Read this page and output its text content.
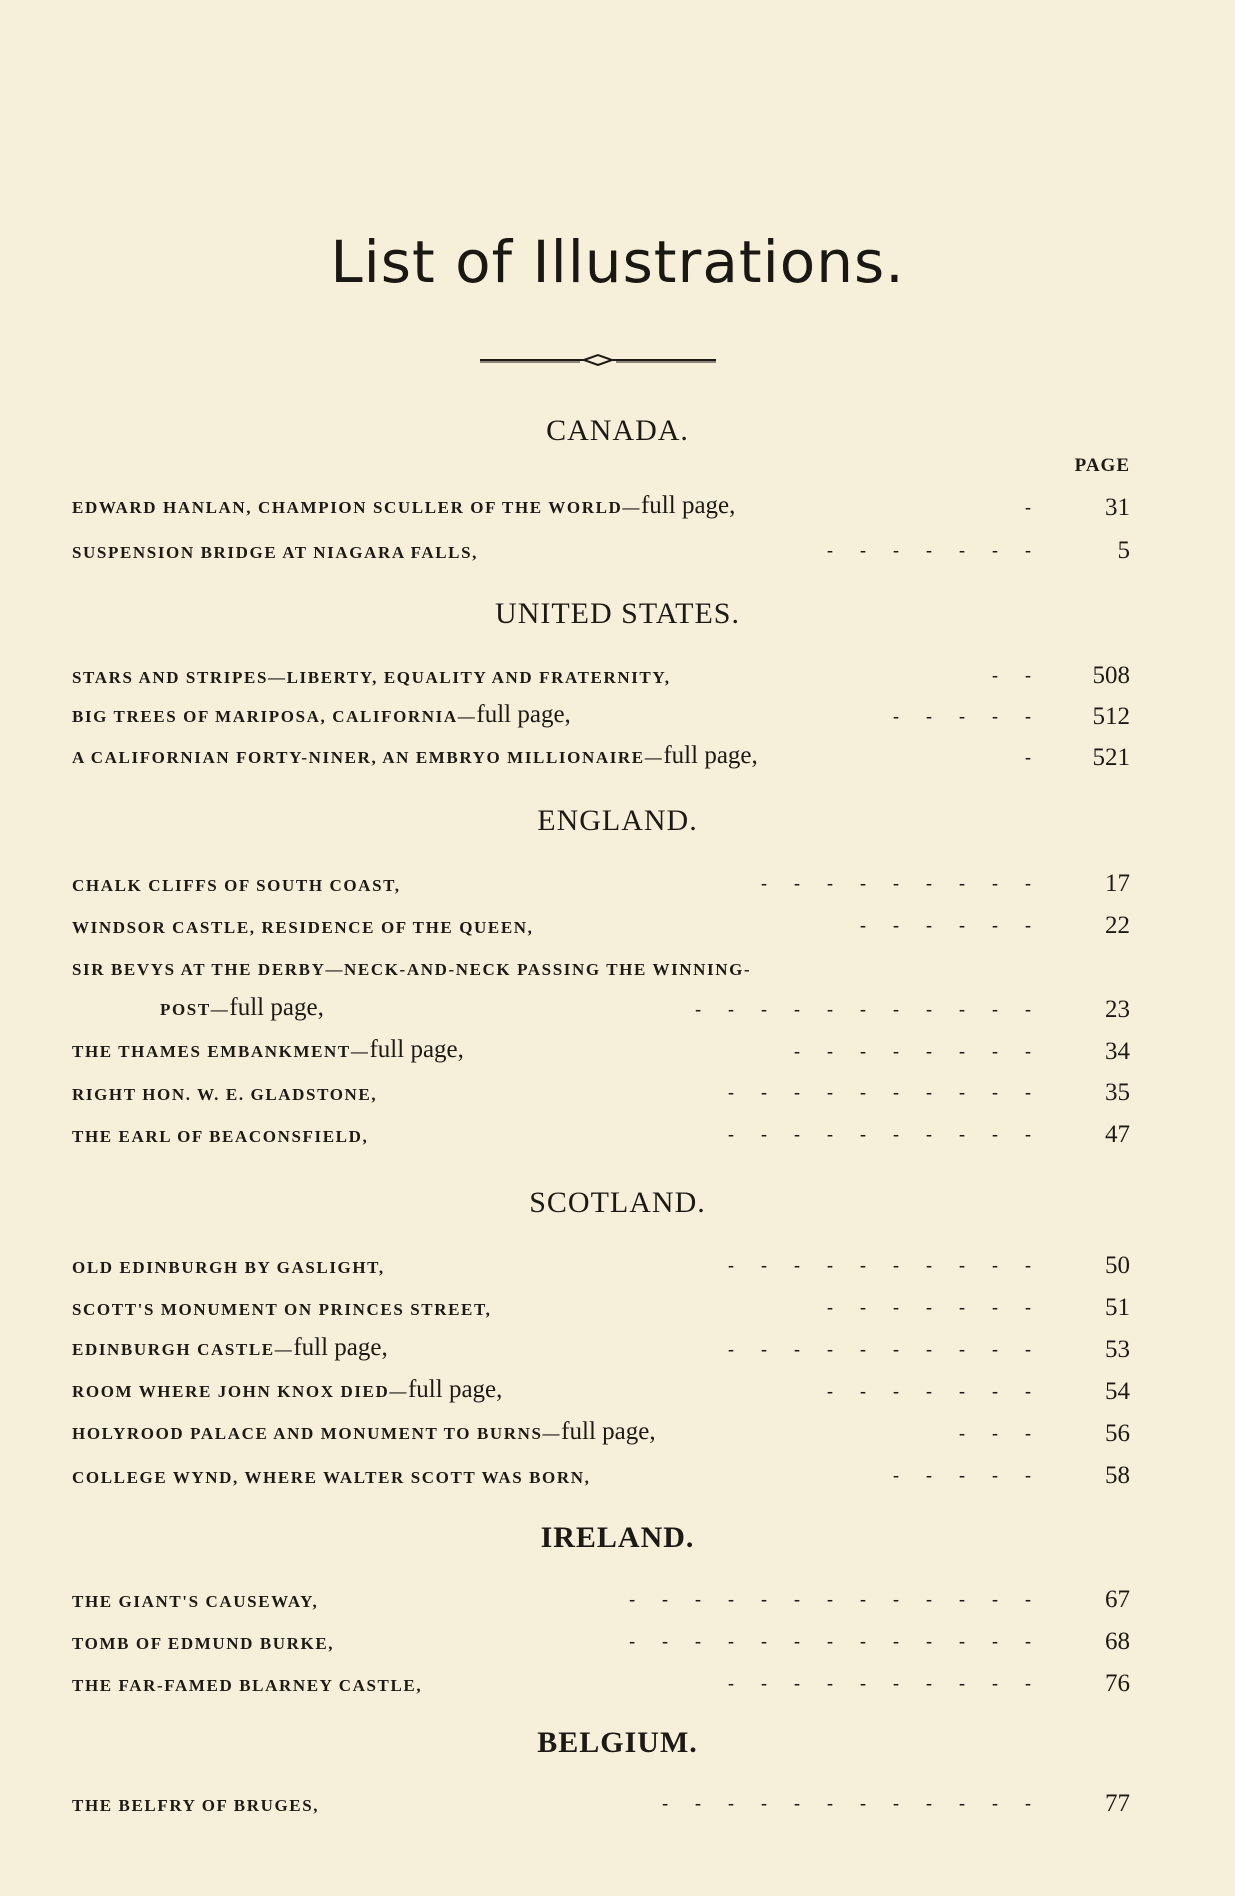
List of Illustrations.
CANADA.
PAGE
EDWARD HANLAN, CHAMPION SCULLER OF THE WORLD—full page,	-	31
SUSPENSION BRIDGE AT NIAGARA FALLS,	-------	5
UNITED STATES.
STARS AND STRIPES—LIBERTY, EQUALITY AND FRATERNITY,	--	508
BIG TREES OF MARIPOSA, CALIFORNIA—full page,	-----	512
A CALIFORNIAN FORTY-NINER, AN EMBRYO MILLIONAIRE—full page,	-	521
ENGLAND.
CHALK CLIFFS OF SOUTH COAST,	---------	17
WINDSOR CASTLE, RESIDENCE OF THE QUEEN,	------	22
SIR BEVYS AT THE DERBY—NECK-AND-NECK PASSING THE WINNING-
POST—full page,	-----------	23
THE THAMES EMBANKMENT—full page,	--------	34
RIGHT HON. W. E. GLADSTONE,	----------	35
THE EARL OF BEACONSFIELD,	----------	47
SCOTLAND.
OLD EDINBURGH BY GASLIGHT,	----------	50
SCOTT'S MONUMENT ON PRINCES STREET,	-------	51
EDINBURGH CASTLE—full page,	----------	53
ROOM WHERE JOHN KNOX DIED—full page,	-------	54
HOLYROOD PALACE AND MONUMENT TO BURNS—full page,	---	56
COLLEGE WYND, WHERE WALTER SCOTT WAS BORN,	-----	58
IRELAND.
THE GIANT'S CAUSEWAY,	-------------	67
TOMB OF EDMUND BURKE,	-------------	68
THE FAR-FAMED BLARNEY CASTLE,	----------	76
BELGIUM.
THE BELFRY OF BRUGES,	------------	77
